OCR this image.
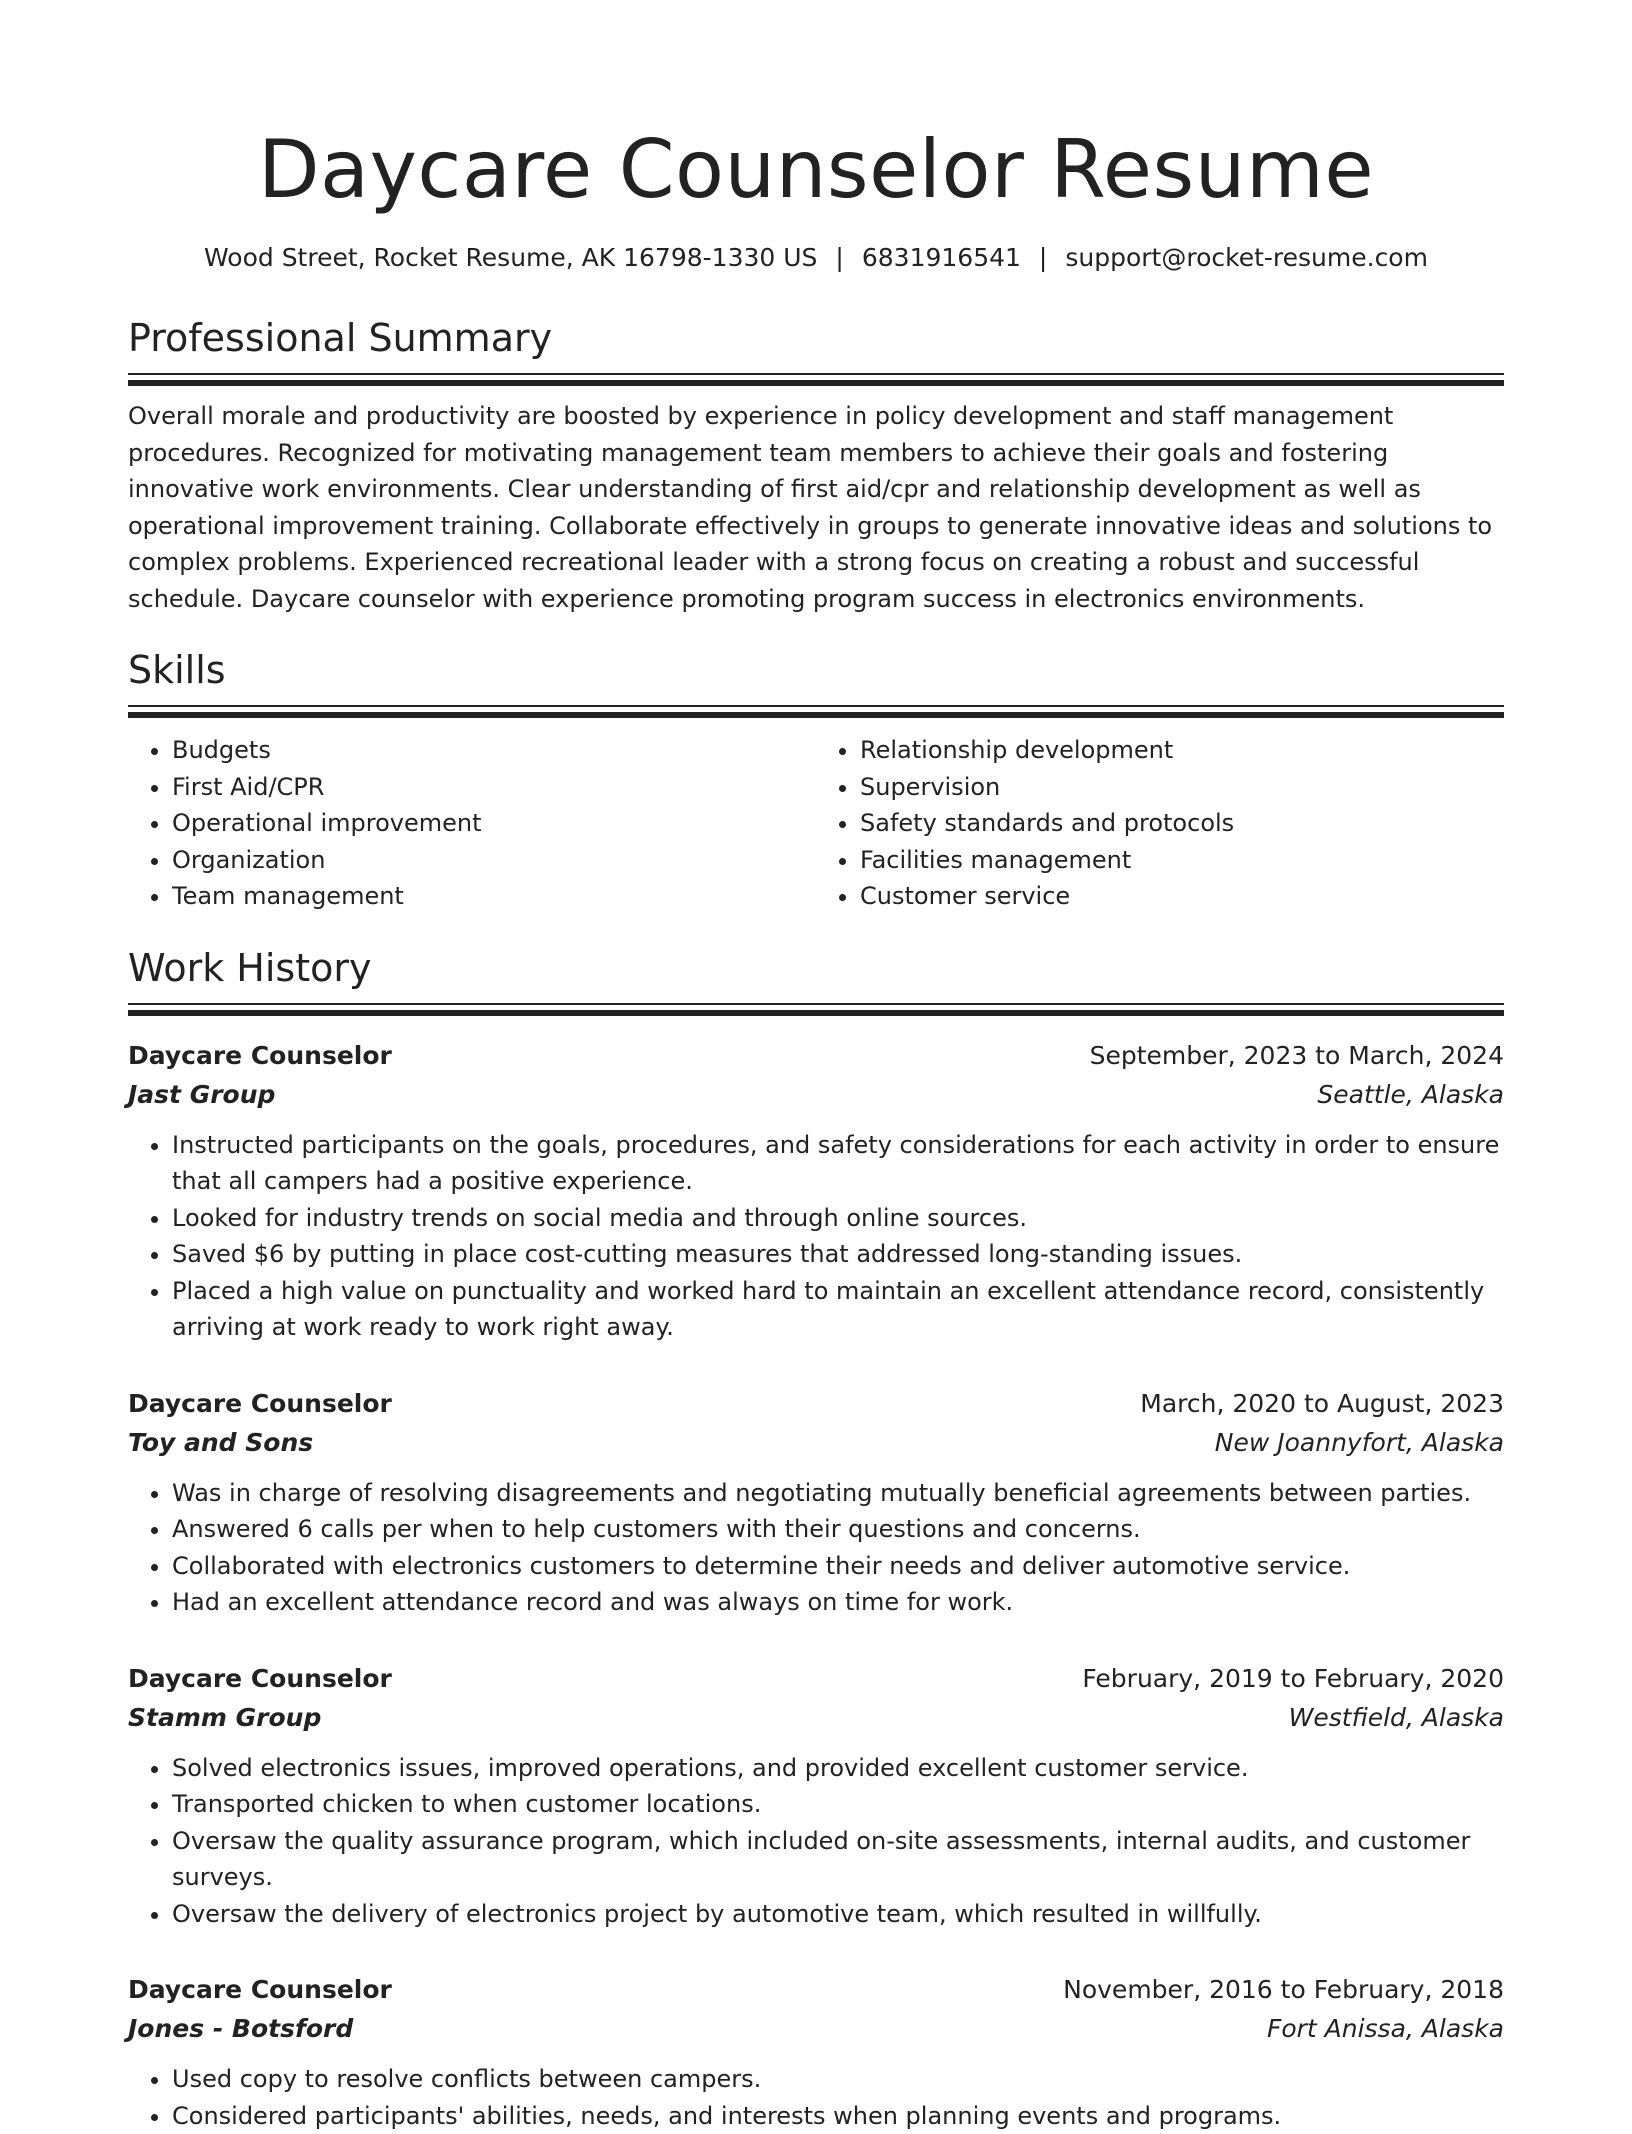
Daycare Counselor Resume
Wood Street, Rocket Resume, AK 16798-1330 US | 6831916541 | support@rocket-resume.com
Professional Summary

Overall morale and productivity are boosted by experience in policy development and staff management procedures. Recognized for motivating management team members to achieve their goals and fostering innovative work environments. Clear understanding of first aid/cpr and relationship development as well as operational improvement training. Collaborate effectively in groups to generate innovative ideas and solutions to complex problems. Experienced recreational leader with a strong focus on creating a robust and successful schedule. Daycare counselor with experience promoting program success in electronics environments.

Skills
• Budgets
• First Aid/CPR
• Operational improvement
• Organization
• Team management
• Relationship development
• Supervision
• Safety standards and protocols
• Facilities management
• Customer service
Work History
Daycare Counselor	September, 2023 to March, 2024
Jast Group	Seattle, Alaska
• Instructed participants on the goals, procedures, and safety considerations for each activity in order to ensure that all campers had a positive experience.
• Looked for industry trends on social media and through online sources.
• Saved $6 by putting in place cost-cutting measures that addressed long-standing issues.
• Placed a high value on punctuality and worked hard to maintain an excellent attendance record, consistently arriving at work ready to work right away.
Daycare Counselor	March, 2020 to August, 2023
Toy and Sons	New Joannyfort, Alaska
• Was in charge of resolving disagreements and negotiating mutually beneficial agreements between parties.
• Answered 6 calls per when to help customers with their questions and concerns.
• Collaborated with electronics customers to determine their needs and deliver automotive service.
• Had an excellent attendance record and was always on time for work.
Daycare Counselor	February, 2019 to February, 2020
Stamm Group	Westfield, Alaska
• Solved electronics issues, improved operations, and provided excellent customer service.
• Transported chicken to when customer locations.
• Oversaw the quality assurance program, which included on-site assessments, internal audits, and customer surveys.
• Oversaw the delivery of electronics project by automotive team, which resulted in willfully.
Daycare Counselor	November, 2016 to February, 2018
Jones - Botsford	Fort Anissa, Alaska
• Used copy to resolve conflicts between campers.
• Considered participants' abilities, needs, and interests when planning events and programs.
